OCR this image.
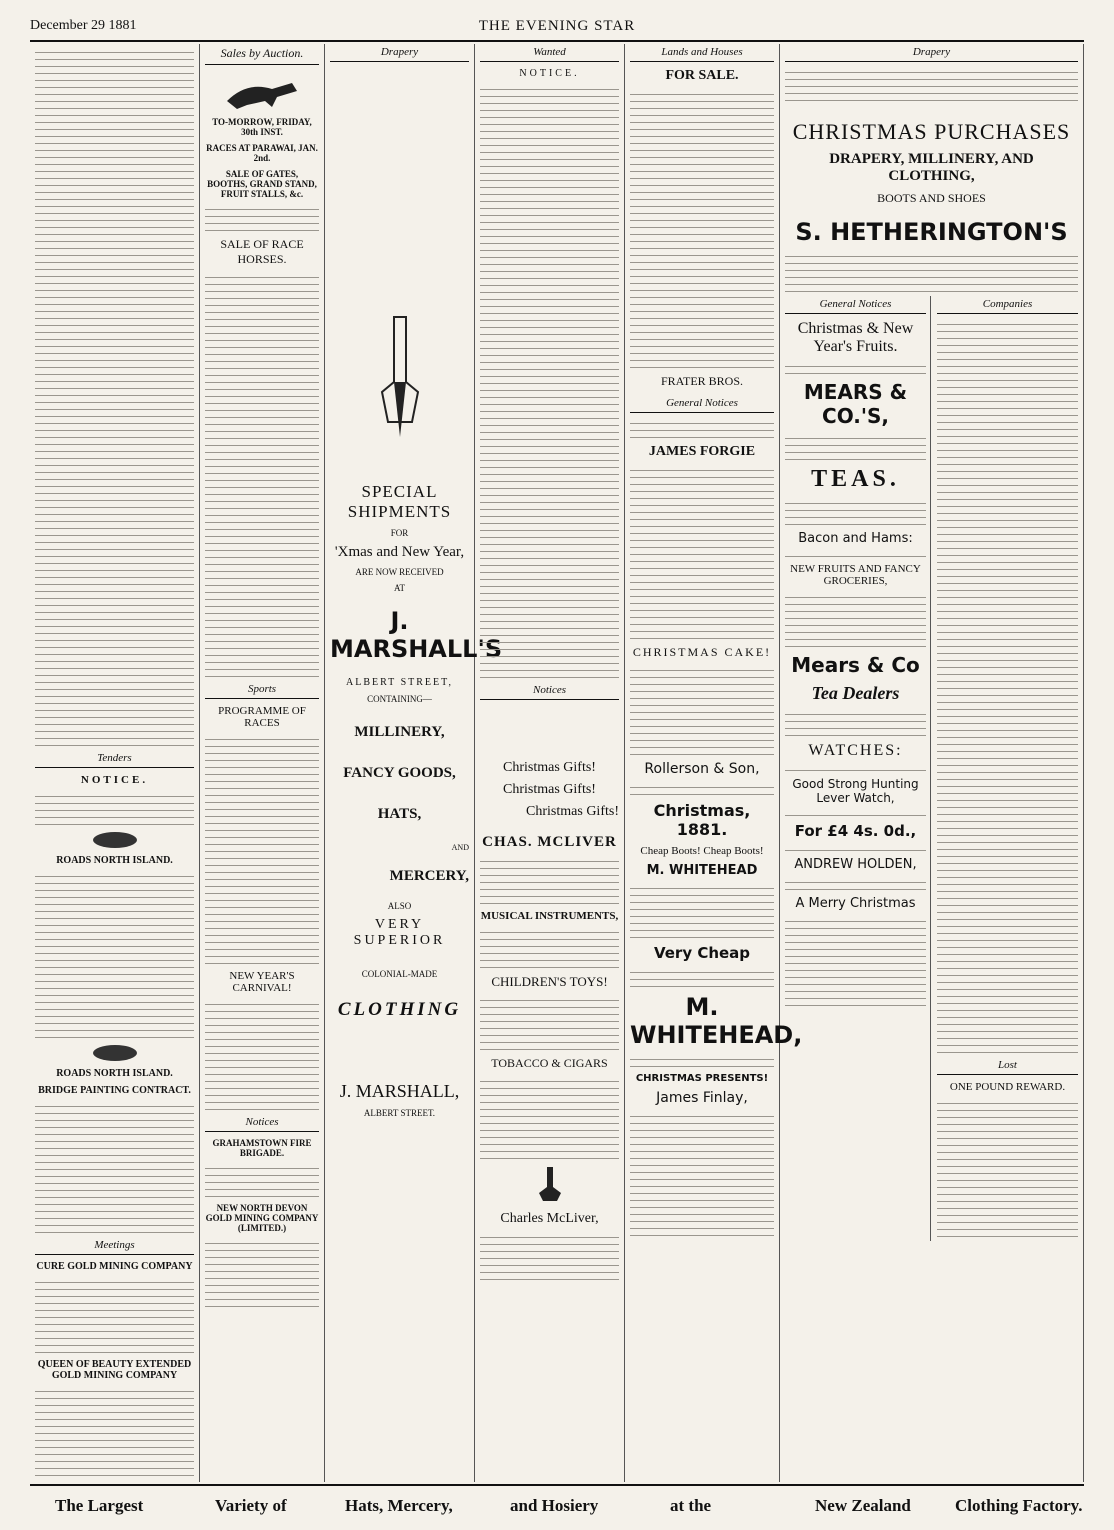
December 29 1881	THE EVENING STAR
Tenders
NOTICE.
ROADS NORTH ISLAND.
ROADS NORTH ISLAND.
BRIDGE PAINTING CONTRACT.
Meetings
CURE GOLD MINING COMPANY
QUEEN OF BEAUTY EXTENDED GOLD MINING COMPANY
Sales by Auction.
TO-MORROW, FRIDAY, 30th INST.
RACES AT PARAWAI, JAN. 2nd.
SALE OF GATES, BOOTHS, GRAND STAND, FRUIT STALLS, &c.
SALE OF RACE HORSES.
Sports
PROGRAMME OF RACES
NEW YEAR'S CARNIVAL!
Notices
GRAHAMSTOWN FIRE BRIGADE.
NEW NORTH DEVON GOLD MINING COMPANY (LIMITED.)
Drapery
SPECIAL SHIPMENTS
FOR
'Xmas and New Year,
ARE NOW RECEIVED
AT
J. MARSHALL'S
ALBERT STREET,
CONTAINING—
MILLINERY,
FANCY GOODS,
HATS,
AND
MERCERY,
ALSO
VERY SUPERIOR
COLONIAL-MADE
CLOTHING
J. MARSHALL,
ALBERT STREET.
Wanted
NOTICE.
Notices
Christmas Gifts!
Christmas Gifts!
Christmas Gifts!
CHAS. MCLIVER
MUSICAL INSTRUMENTS,
CHILDREN'S TOYS!
TOBACCO & CIGARS
Charles McLiver,
Lands and Houses
FOR SALE.
FRATER BROS.
General Notices
JAMES FORGIE
CHRISTMAS CAKE!
Rollerson & Son,
Christmas, 1881.
Cheap Boots! Cheap Boots!
M. WHITEHEAD
Very Cheap
M. WHITEHEAD,
CHRISTMAS PRESENTS!
James Finlay,
Drapery
CHRISTMAS PURCHASES
DRAPERY, MILLINERY, AND CLOTHING,
BOOTS AND SHOES
S. HETHERINGTON'S
General Notices
Christmas & New Year's Fruits.
MEARS & CO.'S,
TEAS.
Bacon and Hams:
NEW FRUITS AND FANCY GROCERIES,
Mears & Co
Tea Dealers
WATCHES:
Good Strong Hunting Lever Watch,
For £4 4s. 0d.,
ANDREW HOLDEN,
A Merry Christmas
Companies
Lost
ONE POUND REWARD.
The Largest	Variety of	Hats, Mercery,	and Hosiery	at the	New Zealand	Clothing Factory.
